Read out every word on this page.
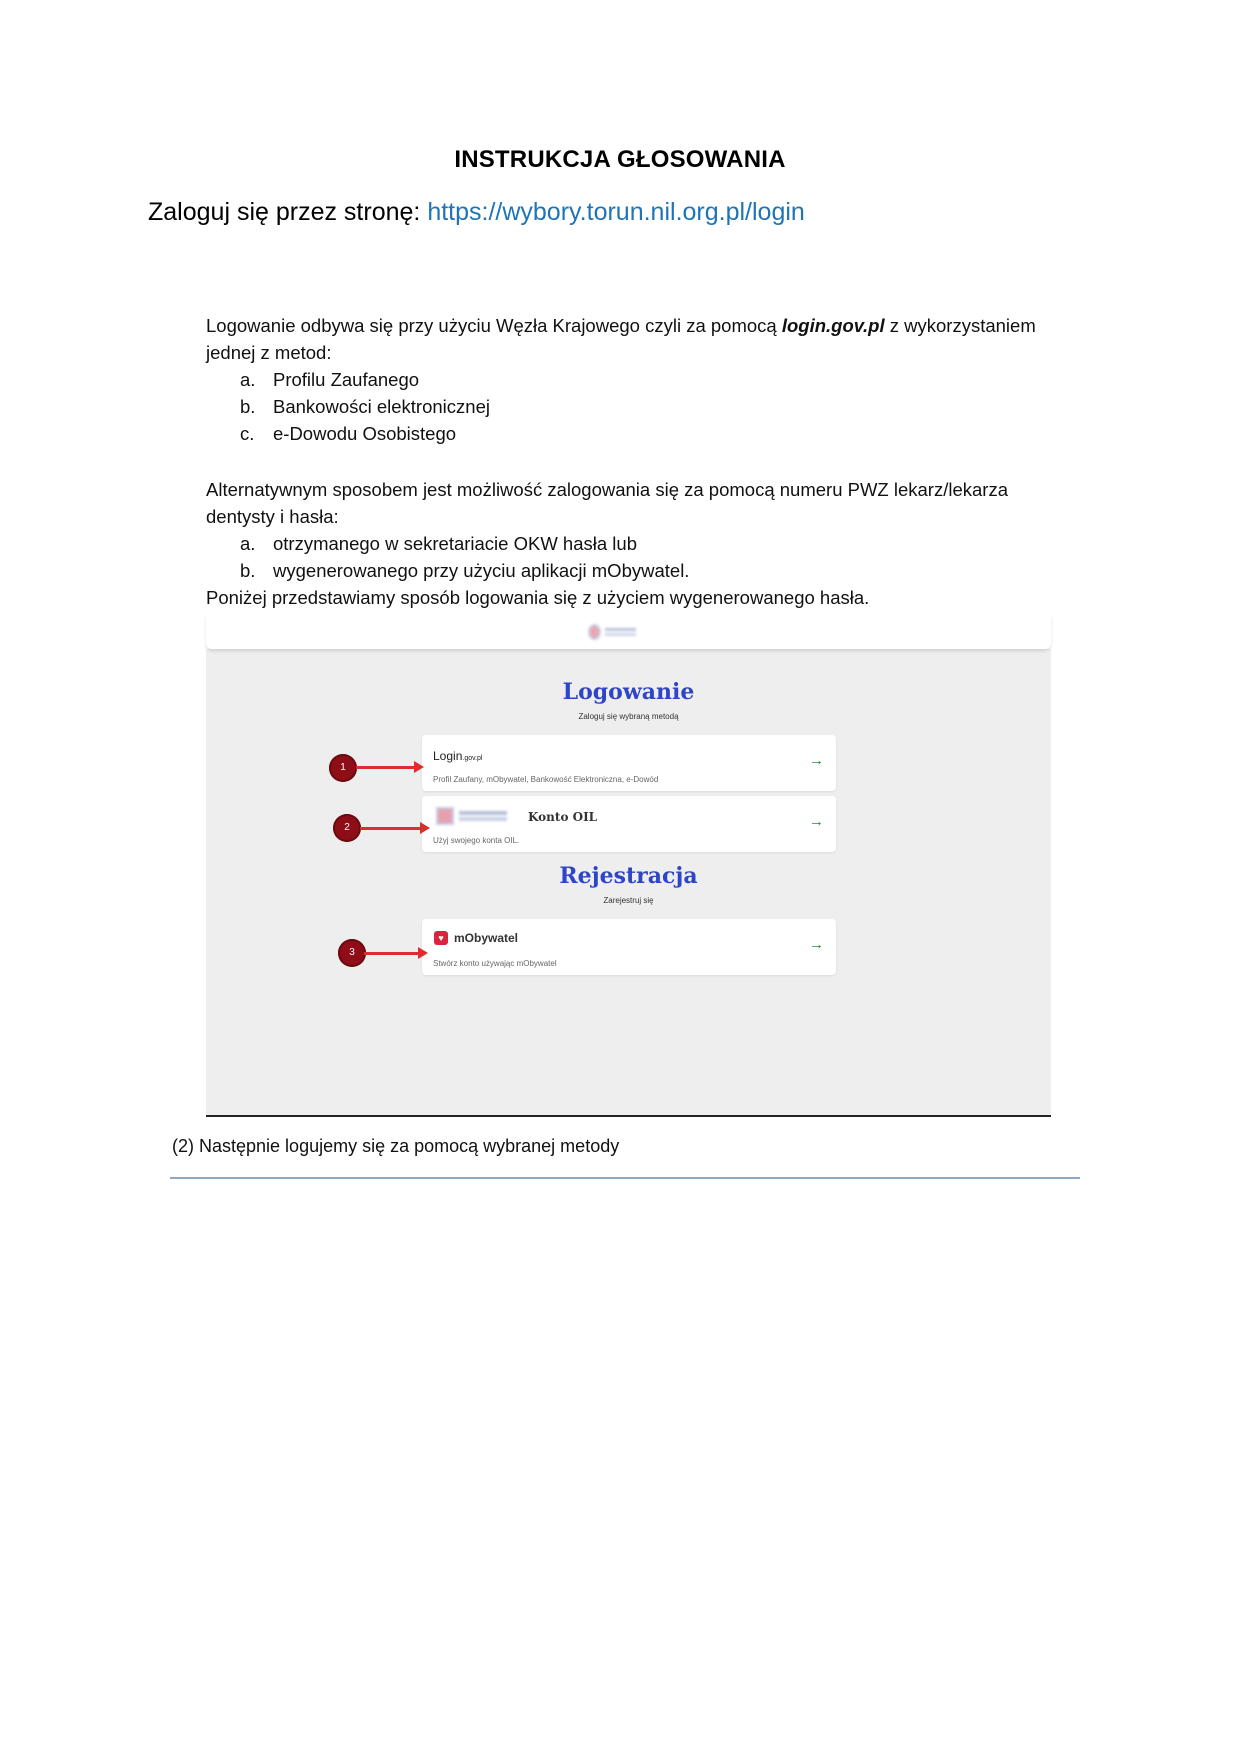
INSTRUKCJA GŁOSOWANIA
Zaloguj się przez stronę: https://wybory.torun.nil.org.pl/login
Logowanie odbywa się przy użyciu Węzła Krajowego czyli za pomocą login.gov.pl z wykorzystaniem jednej z metod:
a. Profilu Zaufanego
b. Bankowości elektronicznej
c.	e-Dowodu Osobistego
Alternatywnym sposobem jest możliwość zalogowania się za pomocą numeru PWZ lekarz/lekarza dentysty i hasła:
a. otrzymanego w sekretariacie OKW hasła lub
b. wygenerowanego przy użyciu aplikacji mObywatel.
Poniżej przedstawiamy sposób logowania się z użyciem wygenerowanego hasła.
Logowanie
Zaloguj się wybraną metodą
Login.gov.pl
Profil Zaufany, mObywatel, Bankowość Elektroniczna, e-Dowód
→
Konto OIL
Użyj swojego konta OIL.
→
Rejestracja
Zarejestruj się
♥ mObywatel
Stwórz konto używając mObywatel
→
1
2
3
(2) Następnie logujemy się za pomocą wybranej metody
